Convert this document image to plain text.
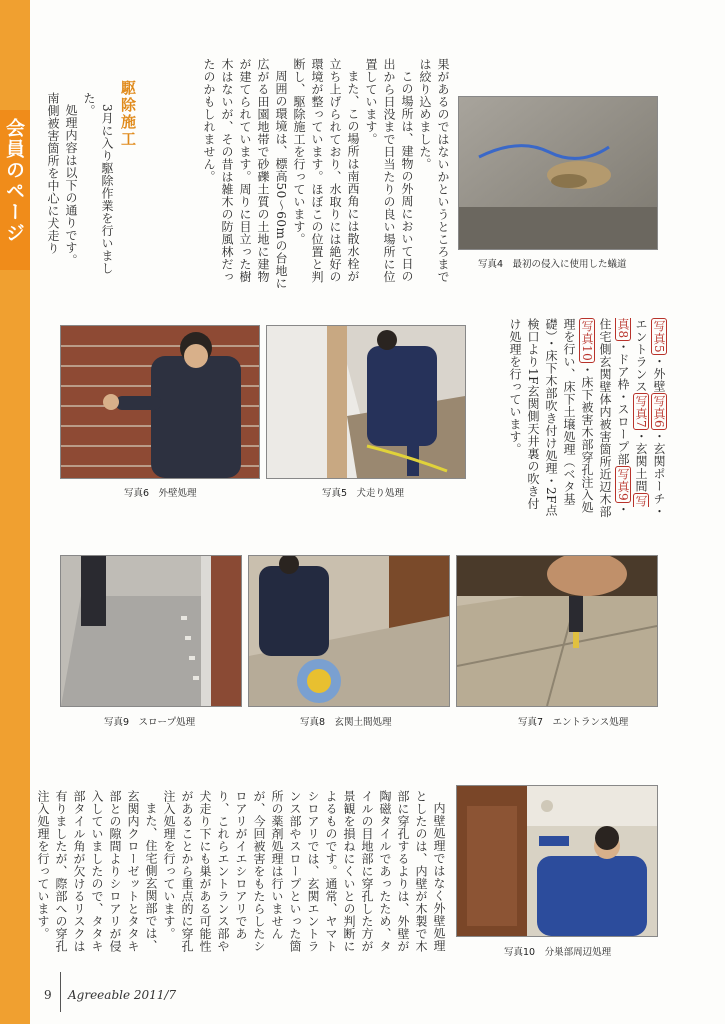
会員のページ	果があるのではないかというところまでは絞り込めました。

この場所は、建物の外周において日の出から日没まで日当たりの良い場所に位置しています。

また、この場所は南西角には散水栓が立ち上げられており、水取りには絶好の環境が整っています。ほぼこの位置と判断し、駆除施工を行っています。

周囲の環境は、標高50～60mの台地に広がる田園地帯で砂礫土質の土地に建物が建てられています。周りに目立った樹木はないが、その昔は雑木の防風林だったのかもしれません。

駆除施工

3月に入り駆除作業を行いました。

処理内容は以下の通りです。

南側被害箇所を中心に犬走り

写真4　最初の侵入に使用した蟻道

写真5・外壁写真6・玄関ポーチ・エントランス写真7・玄関土間写真8・ドア枠・スロープ部写真9・住宅側玄関壁体内被害箇所近辺木部写真10・床下被害木部穿孔注入処理を行い、床下土壌処理（ベタ基礎）・床下木部吹き付け処理・2F点検口より1F玄関側天井裏の吹き付け処理を行っています。

写真6　外壁処理	写真5　犬走り処理
写真9　スロープ処理	写真8　玄関土間処理	写真7　エントランス処理

内壁処理ではなく外壁処理としたのは、内壁が木製で木部に穿孔するよりは、外壁が陶磁タイルであったため、タイルの目地部に穿孔した方が景観を損ねにくいとの判断によるものです。通常、ヤマトシロアリでは、玄関エントランス部やスロープといった箇所の薬剤処理は行いませんが、今回被害をもたらしたシロアリがイエシロアリであり、これらエントランス部や犬走り下にも巣がある可能性があることから重点的に穿孔注入処理を行っています。

また、住宅側玄関部では、玄関内クローゼットとタタキ部との隙間よりシロアリが侵入していましたので、タタキ部タイル角が欠けるリスクは有りましたが、際部への穿孔注入処理を行っています。

写真10　分巣部周辺処理
9 Agreeable 2011/7
